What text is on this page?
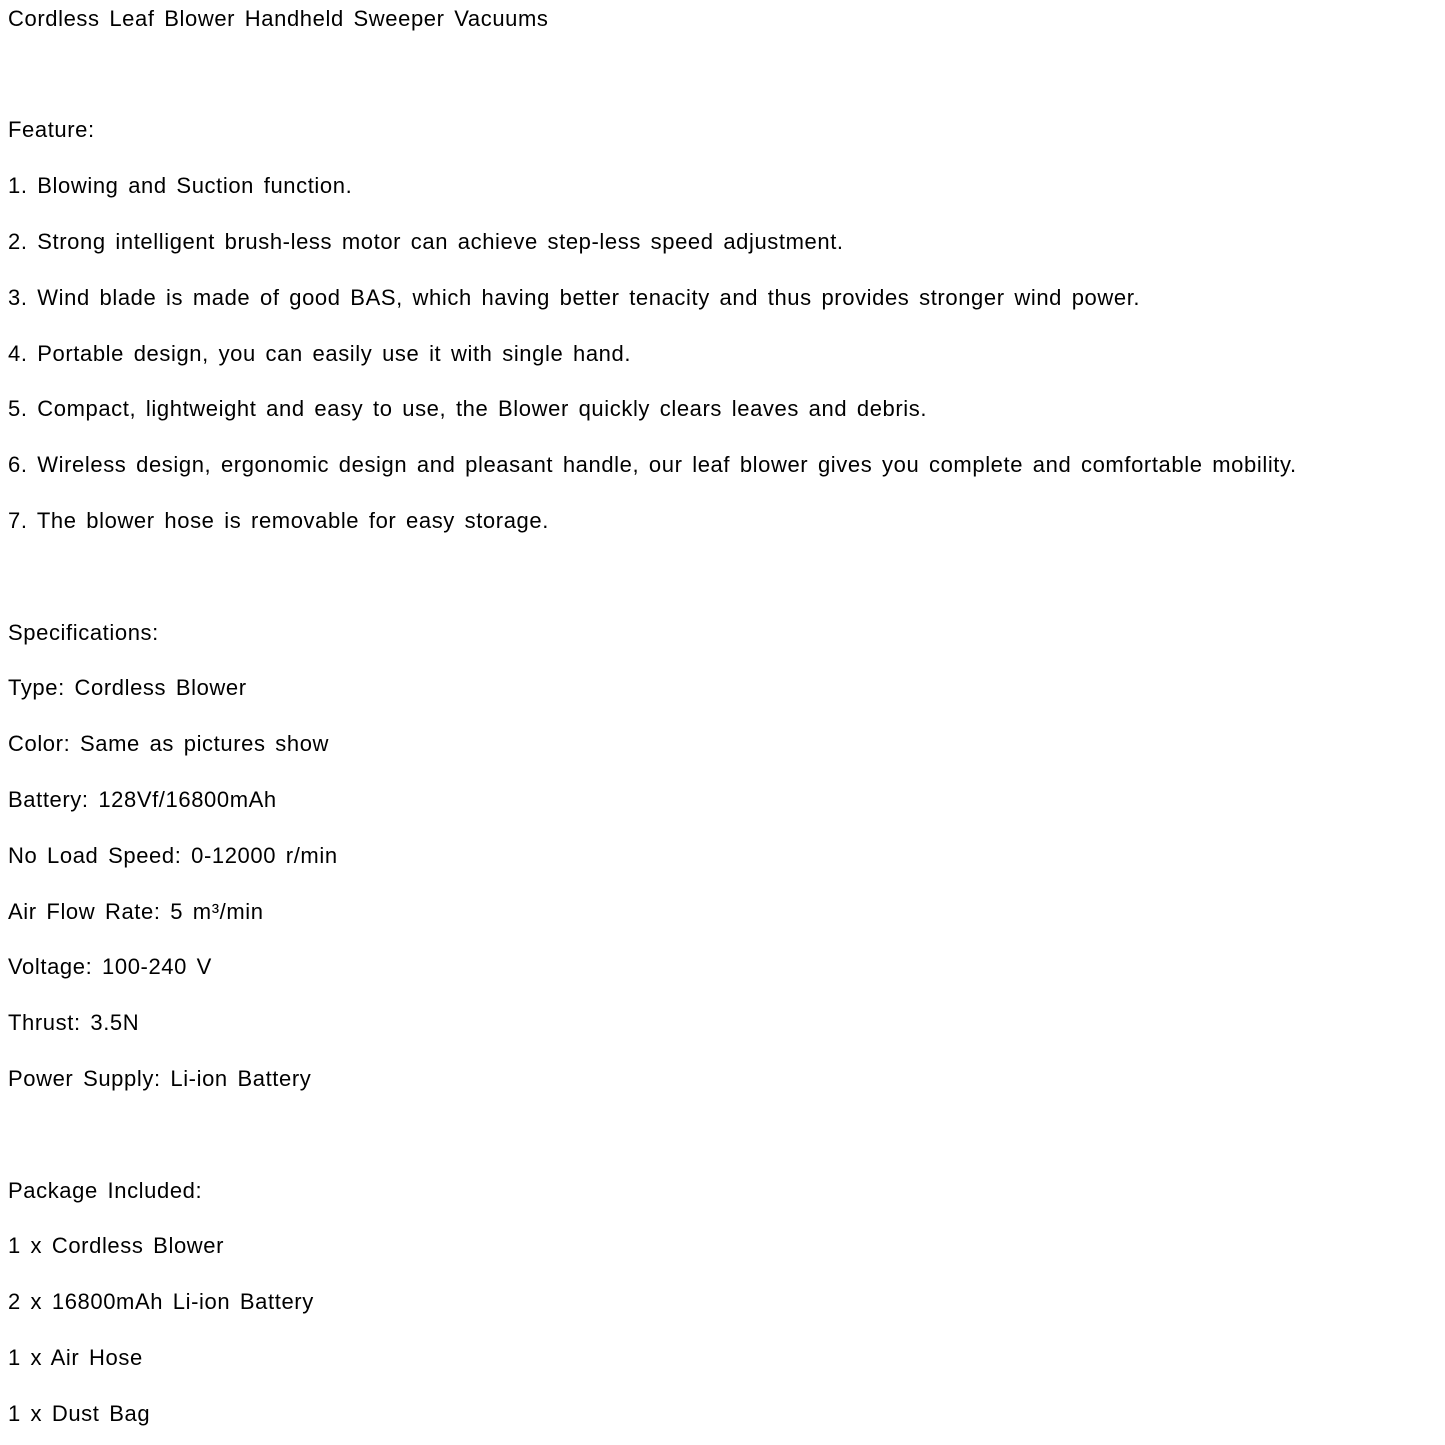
Cordless Leaf Blower Handheld Sweeper Vacuums

Feature:

1. Blowing and Suction function.

2. Strong intelligent brush-less motor can achieve step-less speed adjustment.

3. Wind blade is made of good BAS, which having better tenacity and thus provides stronger wind power.

4. Portable design, you can easily use it with single hand.

5. Compact, lightweight and easy to use, the Blower quickly clears leaves and debris.

6. Wireless design, ergonomic design and pleasant handle, our leaf blower gives you complete and comfortable mobility.

7. The blower hose is removable for easy storage.

Specifications:

Type: Cordless Blower

Color: Same as pictures show

Battery: 128Vf/16800mAh

No Load Speed: 0-12000 r/min

Air Flow Rate: 5 m³/min

Voltage: 100-240 V

Thrust: 3.5N

Power Supply: Li-ion Battery

Package Included:

1 x Cordless Blower

2 x 16800mAh Li-ion Battery

1 x Air Hose

1 x Dust Bag
